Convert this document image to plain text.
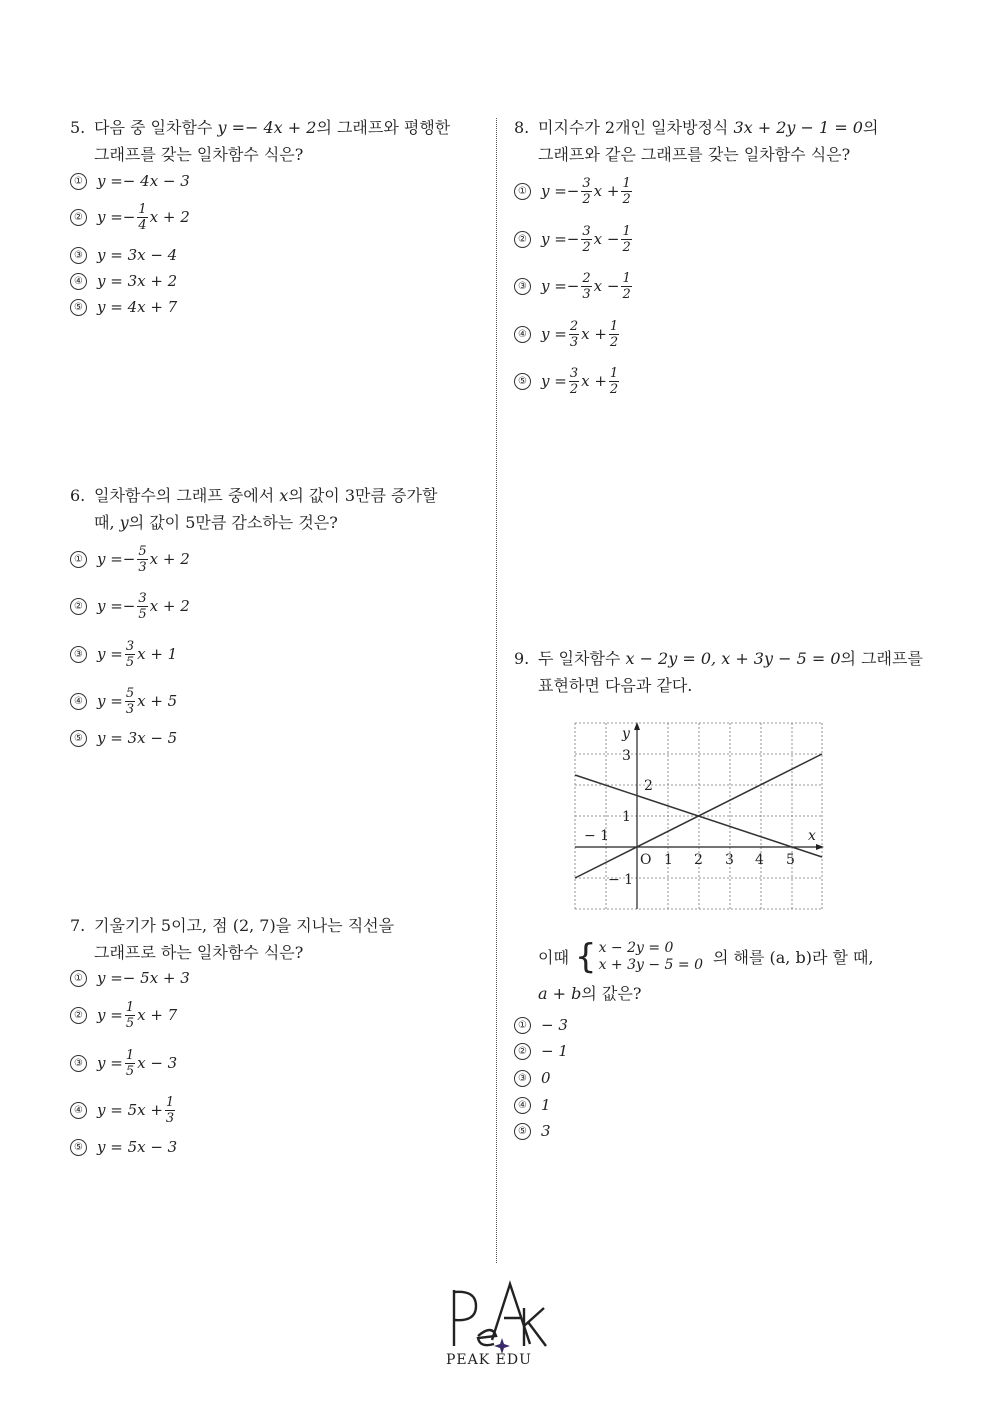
5. 다음 중 일차함수 y =− 4x + 2의 그래프와 평행한
그래프를 갖는 일차함수 식은?
① y =− 4x − 3
② $y =- \frac{1}{4}$ x + 2
③ y = 3x − 4
④ y = 3x + 2
⑤ y = 4x + 7
6. 일차함수의 그래프 중에서 x의 값이 3만큼 증가할
때, y의 값이 5만큼 감소하는 것은?
① $y =- \frac{5}{3}$ x + 2
② $y =- \frac{3}{5}$ x + 2
③ $y = \frac{3}{5}$ x + 1
④ $y = \frac{5}{3}$ x + 5
⑤ y = 3x − 5
7. 기울기가 5이고, 점 (2, 7)을 지나는 직선을
그래프로 하는 일차함수 식은?
① y =− 5x + 3
② $y = \frac{1}{5}$ x + 7
③ $y = \frac{1}{5}$ x − 3
④ $y = 5x + \frac{1}{3}$
⑤ y = 5x − 3
8. 미지수가 2개인 일차방정식 3x + 2y − 1 = 0의
그래프와 같은 그래프를 갖는 일차함수 식은?
① $y =- \frac{3}{2}$ $x + \frac{1}{2}$
② $y =- \frac{3}{2}$ $x - \frac{1}{2}$
③ $y =- \frac{2}{3}$ $x - \frac{1}{2}$
④ $y = \frac{2}{3}$ $x + \frac{1}{2}$
⑤ $y = \frac{3}{2}$ $x + \frac{1}{2}$
9. 두 일차함수 x − 2y = 0, x + 3y − 5 = 0의 그래프를
표현하면 다음과 같다.
y
x
O 1 2 3 4 5
3
2
1
− 1
− 1
이때 { x − 2y = 0
x + 3y − 5 = 0 의 해를 (a, b)라 할 때,
a + b의 값은?
① − 3
② − 1
③ 0
④ 1
⑤ 3
PEAK EDU
